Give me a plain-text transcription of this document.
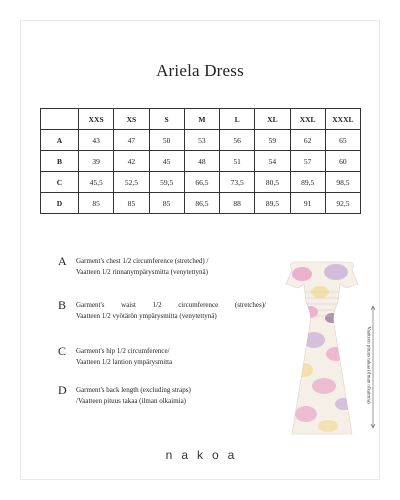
Ariela Dress
	XXS	XS	S	M	L	XL	XXL	XXXL
A	43	47	50	53	56	59	62	65
B	39	42	45	48	51	54	57	60
C	45,5	52,5	59,5	66,5	73,5	80,5	89,5	98,5
D	85	85	85	86,5	88	89,5	91	92,5
A Garment's chest 1/2 circumference (stretched) /
Vaatteen 1/2 rinnanympärysmitta (venytettynä)
B Garment's waist 1/2 circumference (stretches)/
Vaatteen 1/2 vyötärön ympärysmitta (venytettynä)
C Garment's hip 1/2 circumference/
Vaatteen 1/2 lantion ympärysmitta
D Garment's back length (excluding straps)
/Vaatteen pituus takaa (ilman olkaimia)	Vaatteen pituus takaa (ilman olkaimia)
nakoa
